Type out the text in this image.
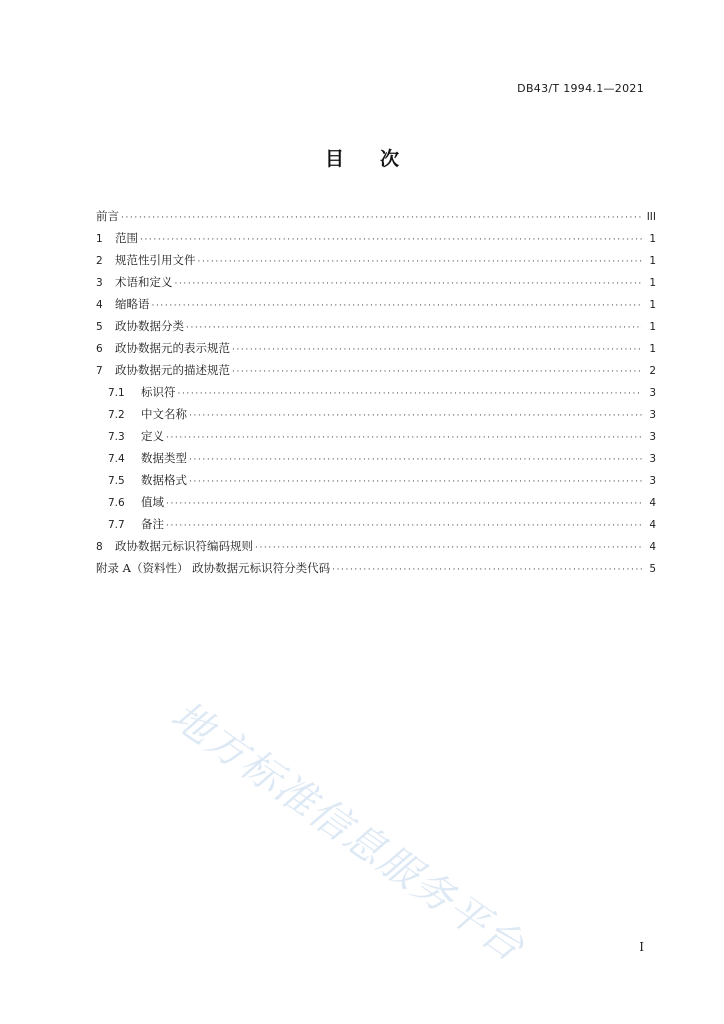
DB43/T 1994.1—2021
目 次
前言 ·····	III
1	范围 ·····	1
2	规范性引用文件 ·····	1
3	术语和定义 ·····	1
4	缩略语 ·····	1
5	政协数据分类 ·····	1
6	政协数据元的表示规范 ·····	1
7	政协数据元的描述规范 ·····	2
7.1	标识符 ·····	3
7.2	中文名称 ·····	3
7.3	定义 ·····	3
7.4	数据类型 ·····	3
7.5	数据格式 ·····	3
7.6	值域 ·····	4
7.7	备注 ·····	4
8	政协数据元标识符编码规则 ·····	4
附录 A（资料性） 政协数据元标识符分类代码 ·····	5
地方标准信息服务平台	I
